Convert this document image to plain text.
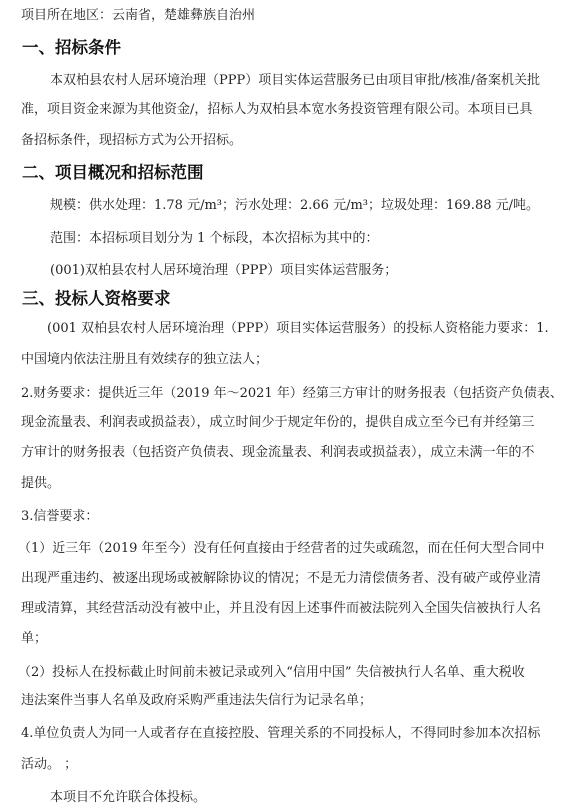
项目所在地区：云南省，楚雄彝族自治州
一、招标条件
本双柏县农村人居环境治理（PPP）项目实体运营服务已由项目审批/核准/备案机关批
准，项目资金来源为其他资金/，招标人为双柏县本宽水务投资管理有限公司。本项目已具
备招标条件，现招标方式为公开招标。
二、项目概况和招标范围
规模：供水处理：1.78 元/m³；污水处理：2.66 元/m³；垃圾处理：169.88 元/吨。
范围：本招标项目划分为 1 个标段，本次招标为其中的：
(001)双柏县农村人居环境治理（PPP）项目实体运营服务；
三、投标人资格要求
(001 双柏县农村人居环境治理（PPP）项目实体运营服务）的投标人资格能力要求：1.
中国境内依法注册且有效续存的独立法人；
2.财务要求：提供近三年（2019 年～2021 年）经第三方审计的财务报表（包括资产负债表、
现金流量表、利润表或损益表），成立时间少于规定年份的，提供自成立至今已有并经第三
方审计的财务报表（包括资产负债表、现金流量表、利润表或损益表），成立未满一年的不
提供。
3.信誉要求：
（1）近三年（2019 年至今）没有任何直接由于经营者的过失或疏忽，而在任何大型合同中
出现严重违约、被逐出现场或被解除协议的情况；不是无力清偿债务者、没有破产或停业清
理或清算，其经营活动没有被中止，并且没有因上述事件而被法院列入全国失信被执行人名
单；
（2）投标人在投标截止时间前未被记录或列入“信用中国” 失信被执行人名单、重大税收
违法案件当事人名单及政府采购严重违法失信行为记录名单；
4.单位负责人为同一人或者存在直接控股、管理关系的不同投标人，不得同时参加本次招标
活动。 ；
本项目不允许联合体投标。
